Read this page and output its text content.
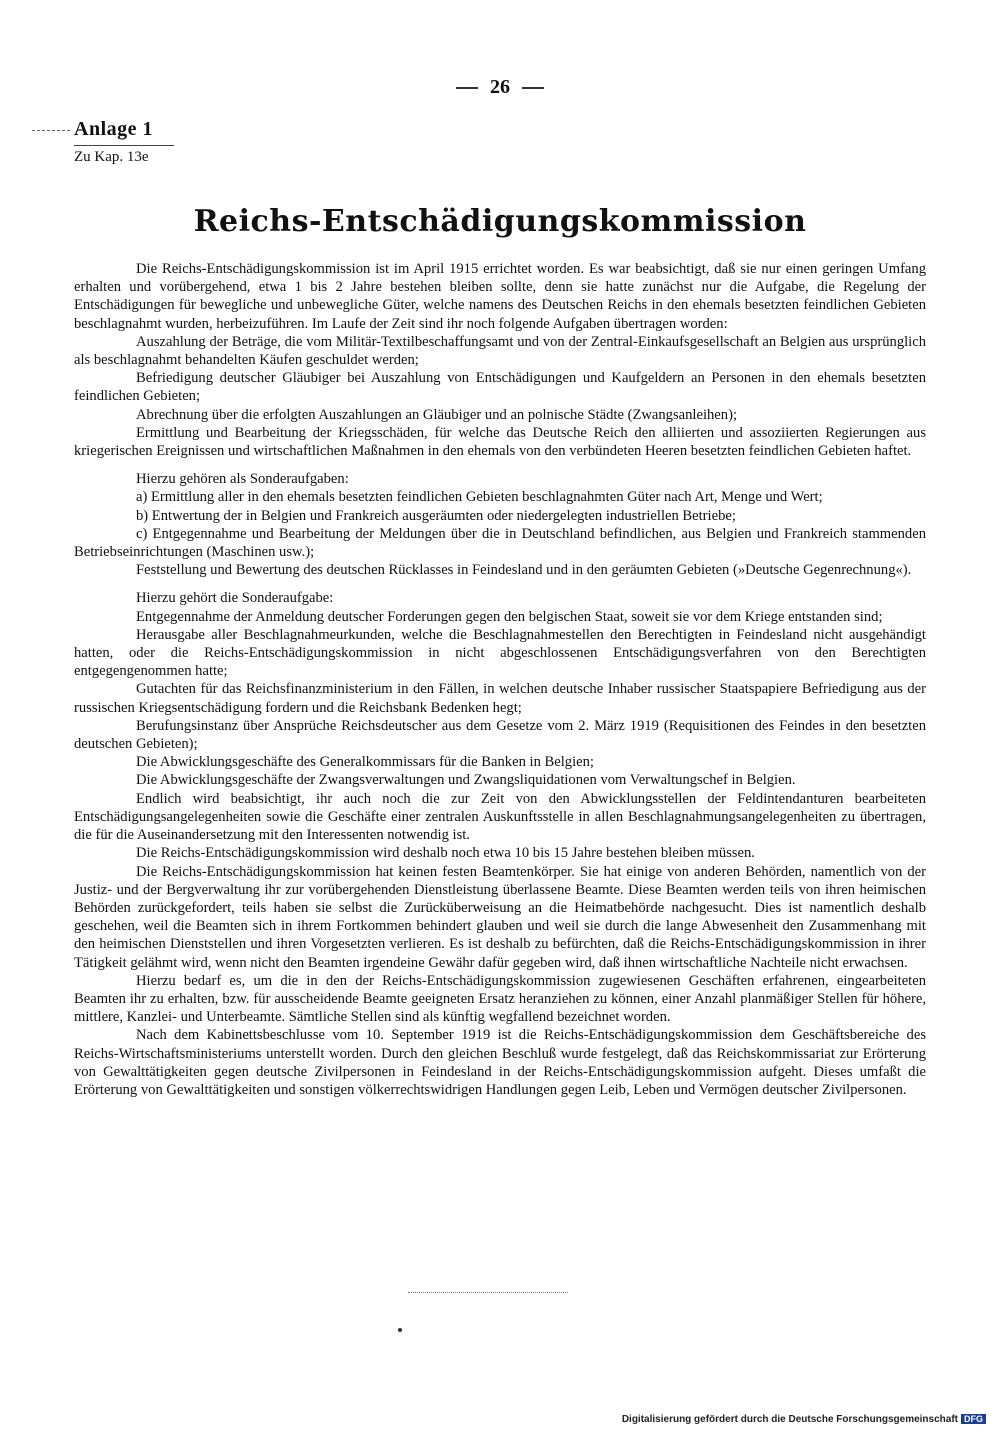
26
Anlage 1
Zu Kap. 13e
Reichs-Entschädigungskommission

Die Reichs-Entschädigungskommission ist im April 1915 errichtet worden. Es war beabsichtigt, daß sie nur einen geringen Umfang erhalten und vorübergehend, etwa 1 bis 2 Jahre bestehen bleiben sollte, denn sie hatte zunächst nur die Aufgabe, die Regelung der Entschädigungen für bewegliche und unbewegliche Güter, welche namens des Deutschen Reichs in den ehemals besetzten feindlichen Gebieten beschlagnahmt wurden, herbeizuführen. Im Laufe der Zeit sind ihr noch folgende Aufgaben übertragen worden:

Auszahlung der Beträge, die vom Militär-Textilbeschaffungsamt und von der Zentral-Einkaufsgesellschaft an Belgien aus ursprünglich als beschlagnahmt behandelten Käufen geschuldet werden;

Befriedigung deutscher Gläubiger bei Auszahlung von Entschädigungen und Kaufgeldern an Personen in den ehemals besetzten feindlichen Gebieten;

Abrechnung über die erfolgten Auszahlungen an Gläubiger und an polnische Städte (Zwangsanleihen);

Ermittlung und Bearbeitung der Kriegsschäden, für welche das Deutsche Reich den alliierten und assoziierten Regierungen aus kriegerischen Ereignissen und wirtschaftlichen Maßnahmen in den ehemals von den verbündeten Heeren besetzten feindlichen Gebieten haftet.

Hierzu gehören als Sonderaufgaben:

a) Ermittlung aller in den ehemals besetzten feindlichen Gebieten beschlagnahmten Güter nach Art, Menge und Wert;

b) Entwertung der in Belgien und Frankreich ausgeräumten oder niedergelegten industriellen Betriebe;

c) Entgegennahme und Bearbeitung der Meldungen über die in Deutschland befindlichen, aus Belgien und Frankreich stammenden Betriebseinrichtungen (Maschinen usw.);

Feststellung und Bewertung des deutschen Rücklasses in Feindesland und in den geräumten Gebieten (»Deutsche Gegenrechnung«).

Hierzu gehört die Sonderaufgabe:

Entgegennahme der Anmeldung deutscher Forderungen gegen den belgischen Staat, soweit sie vor dem Kriege entstanden sind;

Herausgabe aller Beschlagnahmeurkunden, welche die Beschlagnahmestellen den Berechtigten in Feindesland nicht ausgehändigt hatten, oder die Reichs-Entschädigungskommission in nicht abgeschlossenen Entschädigungsverfahren von den Berechtigten entgegengenommen hatte;

Gutachten für das Reichsfinanzministerium in den Fällen, in welchen deutsche Inhaber russischer Staatspapiere Befriedigung aus der russischen Kriegsentschädigung fordern und die Reichsbank Bedenken hegt;

Berufungsinstanz über Ansprüche Reichsdeutscher aus dem Gesetze vom 2. März 1919 (Requisitionen des Feindes in den besetzten deutschen Gebieten);

Die Abwicklungsgeschäfte des Generalkommissars für die Banken in Belgien;

Die Abwicklungsgeschäfte der Zwangsverwaltungen und Zwangsliquidationen vom Verwaltungschef in Belgien.

Endlich wird beabsichtigt, ihr auch noch die zur Zeit von den Abwicklungsstellen der Feldintendanturen bearbeiteten Entschädigungsangelegenheiten sowie die Geschäfte einer zentralen Auskunftsstelle in allen Beschlagnahmungsangelegenheiten zu übertragen, die für die Auseinandersetzung mit den Interessenten notwendig ist.

Die Reichs-Entschädigungskommission wird deshalb noch etwa 10 bis 15 Jahre bestehen bleiben müssen.

Die Reichs-Entschädigungskommission hat keinen festen Beamtenkörper. Sie hat einige von anderen Behörden, namentlich von der Justiz- und der Bergverwaltung ihr zur vorübergehenden Dienstleistung überlassene Beamte. Diese Beamten werden teils von ihren heimischen Behörden zurückgefordert, teils haben sie selbst die Zurücküberweisung an die Heimatbehörde nachgesucht. Dies ist namentlich deshalb geschehen, weil die Beamten sich in ihrem Fortkommen behindert glauben und weil sie durch die lange Abwesenheit den Zusammenhang mit den heimischen Dienststellen und ihren Vorgesetzten verlieren. Es ist deshalb zu befürchten, daß die Reichs-Entschädigungskommission in ihrer Tätigkeit gelähmt wird, wenn nicht den Beamten irgendeine Gewähr dafür gegeben wird, daß ihnen wirtschaftliche Nachteile nicht erwachsen.

Hierzu bedarf es, um die in den der Reichs-Entschädigungskommission zugewiesenen Geschäften erfahrenen, eingearbeiteten Beamten ihr zu erhalten, bzw. für ausscheidende Beamte geeigneten Ersatz heranziehen zu können, einer Anzahl planmäßiger Stellen für höhere, mittlere, Kanzlei- und Unterbeamte. Sämtliche Stellen sind als künftig wegfallend bezeichnet worden.

Nach dem Kabinettsbeschlusse vom 10. September 1919 ist die Reichs-Entschädigungskommission dem Geschäftsbereiche des Reichs-Wirtschaftsministeriums unterstellt worden. Durch den gleichen Beschluß wurde festgelegt, daß das Reichskommissariat zur Erörterung von Gewalttätigkeiten gegen deutsche Zivilpersonen in Feindesland in der Reichs-Entschädigungskommission aufgeht. Dieses umfaßt die Erörterung von Gewalttätigkeiten und sonstigen völkerrechtswidrigen Handlungen gegen Leib, Leben und Vermögen deutscher Zivilpersonen.

Digitalisierung gefördert durch die Deutsche Forschungsgemeinschaft DFG
